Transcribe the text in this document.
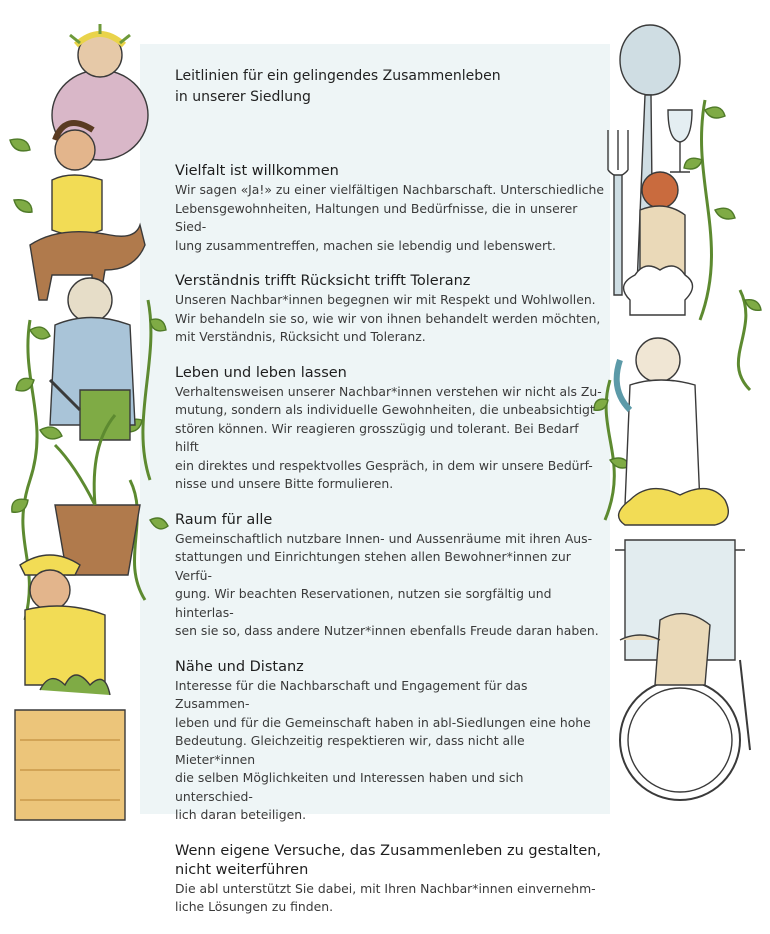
Leitlinien für ein gelingendes Zusammenleben
in unserer Siedlung
Vielfalt ist willkommen

Wir sagen «Ja!» zu einer vielfältigen Nachbarschaft. Unterschiedliche
Lebensgewohnheiten, Haltungen und Bedürfnisse, die in unserer Sied-
lung zusammentreffen, machen sie lebendig und lebenswert.

Verständnis trifft Rücksicht trifft Toleranz

Unseren Nachbar*innen begegnen wir mit Respekt und Wohlwollen.
Wir behandeln sie so, wie wir von ihnen behandelt werden möchten,
mit Verständnis, Rücksicht und Toleranz.

Leben und leben lassen

Verhaltensweisen unserer Nachbar*innen verstehen wir nicht als Zu-
mutung, sondern als individuelle Gewohnheiten, die unbeabsichtigt
stören können. Wir reagieren grosszügig und tolerant. Bei Bedarf hilft
ein direktes und respektvolles Gespräch, in dem wir unsere Bedürf-
nisse und unsere Bitte formulieren.

Raum für alle

Gemeinschaftlich nutzbare Innen- und Aussenräume mit ihren Aus-
stattungen und Einrichtungen stehen allen Bewohner*innen zur Verfü-
gung. Wir beachten Reservationen, nutzen sie sorgfältig und hinterlas-
sen sie so, dass andere Nutzer*innen ebenfalls Freude daran haben.

Nähe und Distanz

Interesse für die Nachbarschaft und Engagement für das Zusammen-
leben und für die Gemeinschaft haben in abl-Siedlungen eine hohe
Bedeutung. Gleichzeitig respektieren wir, dass nicht alle Mieter*innen
die selben Möglichkeiten und Interessen haben und sich unterschied-
lich daran beteiligen.

Wenn eigene Versuche, das Zusammenleben zu gestalten,
nicht weiterführen

Die abl unterstützt Sie dabei, mit Ihren Nachbar*innen einvernehm-
liche Lösungen zu finden.
